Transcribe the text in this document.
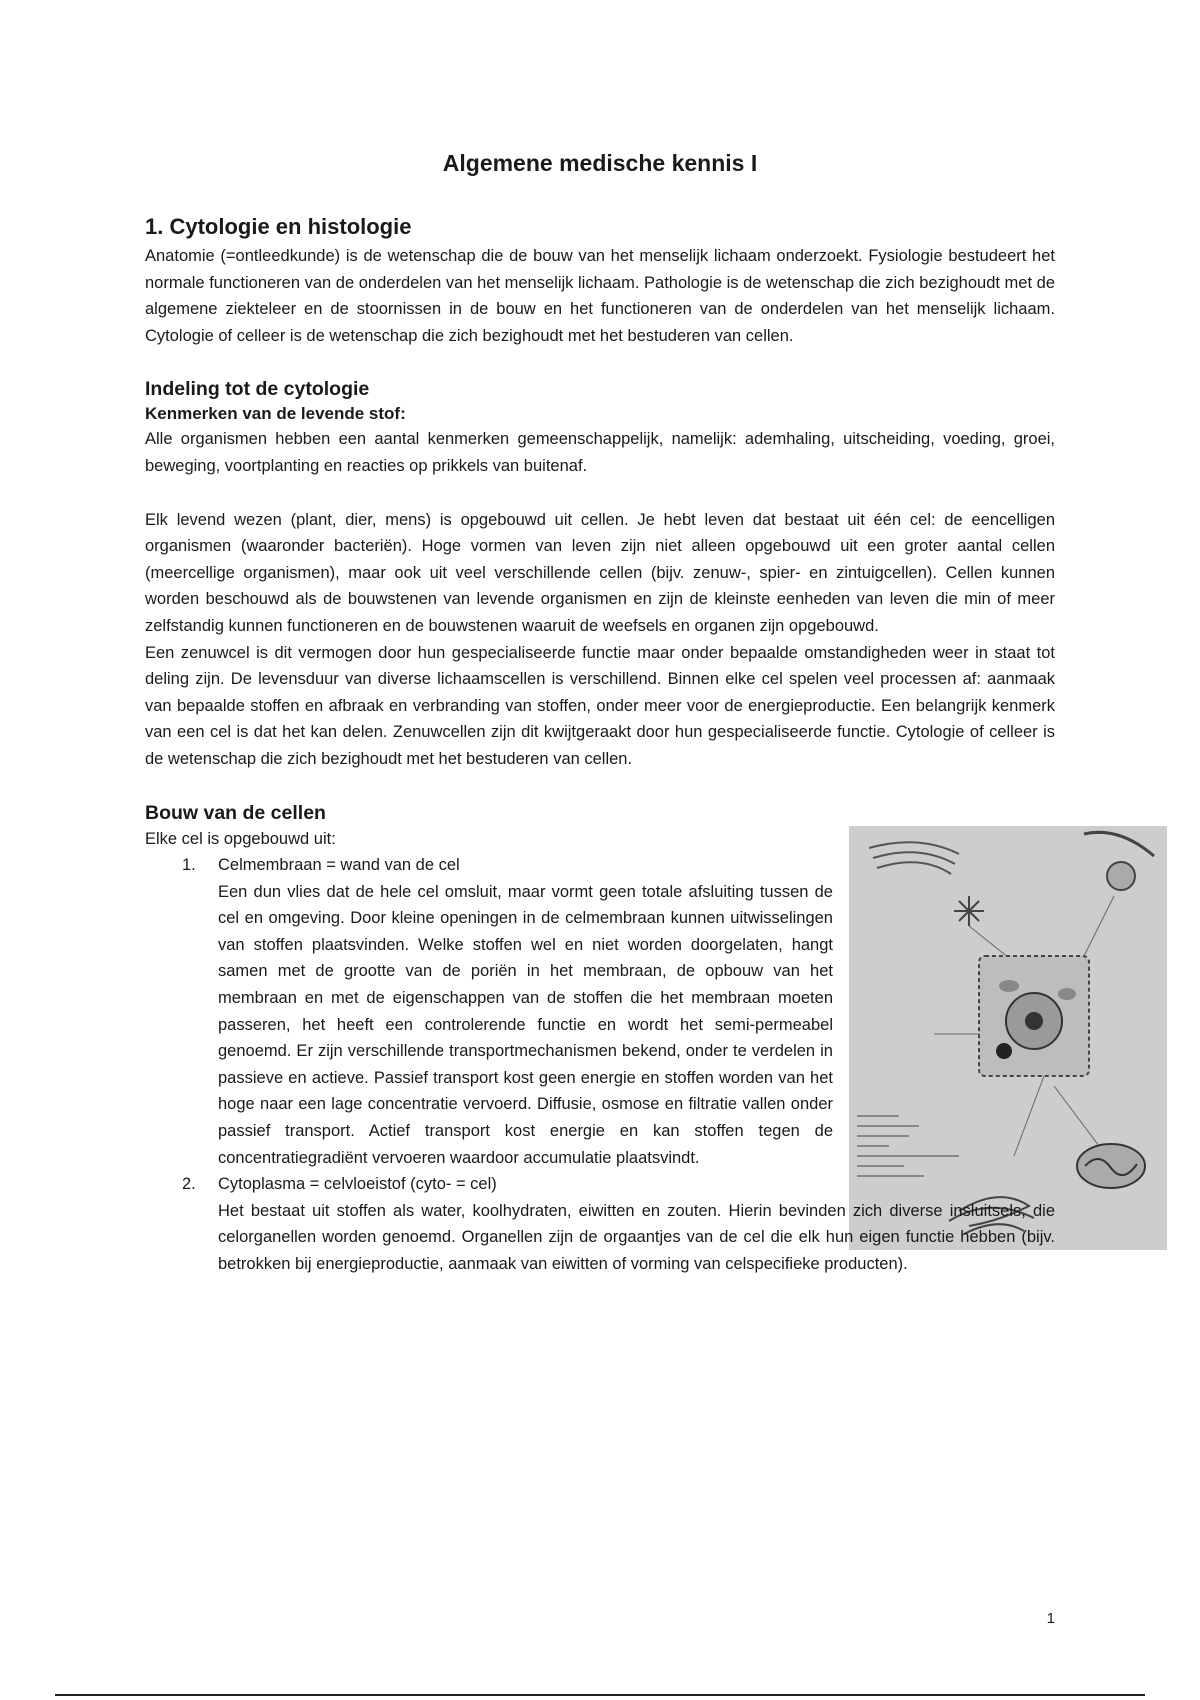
Algemene medische kennis I
1. Cytologie en histologie

Anatomie (=ontleedkunde) is de wetenschap die de bouw van het menselijk lichaam onderzoekt. Fysiologie bestudeert het normale functioneren van de onderdelen van het menselijk lichaam. Pathologie is de wetenschap die zich bezighoudt met de algemene ziekteleer en de stoornissen in de bouw en het functioneren van de onderdelen van het menselijk lichaam. Cytologie of celleer is de wetenschap die zich bezighoudt met het bestuderen van cellen.

Indeling tot de cytologie
Kenmerken van de levende stof:

Alle organismen hebben een aantal kenmerken gemeenschappelijk, namelijk: ademhaling, uitscheiding, voeding, groei, beweging, voortplanting en reacties op prikkels van buitenaf.

Elk levend wezen (plant, dier, mens) is opgebouwd uit cellen. Je hebt leven dat bestaat uit één cel: de eencelligen organismen (waaronder bacteriën). Hoge vormen van leven zijn niet alleen opgebouwd uit een groter aantal cellen (meercellige organismen), maar ook uit veel verschillende cellen (bijv. zenuw-, spier- en zintuigcellen). Cellen kunnen worden beschouwd als de bouwstenen van levende organismen en zijn de kleinste eenheden van leven die min of meer zelfstandig kunnen functioneren en de bouwstenen waaruit de weefsels en organen zijn opgebouwd.

Een zenuwcel is dit vermogen door hun gespecialiseerde functie maar onder bepaalde omstandigheden weer in staat tot deling zijn. De levensduur van diverse lichaamscellen is verschillend. Binnen elke cel spelen veel processen af: aanmaak van bepaalde stoffen en afbraak en verbranding van stoffen, onder meer voor de energieproductie. Een belangrijk kenmerk van een cel is dat het kan delen. Zenuwcellen zijn dit kwijtgeraakt door hun gespecialiseerde functie. Cytologie of celleer is de wetenschap die zich bezighoudt met het bestuderen van cellen.

Bouw van de cellen

Elke cel is opgebouwd uit:

1. Celmembraan = wand van de cel

Een dun vlies dat de hele cel omsluit, maar vormt geen totale afsluiting tussen de cel en omgeving. Door kleine openingen in de celmembraan kunnen uitwisselingen van stoffen plaatsvinden. Welke stoffen wel en niet worden doorgelaten, hangt samen met de grootte van de poriën in het membraan, de opbouw van het membraan en met de eigenschappen van de stoffen die het membraan moeten passeren, het heeft een controlerende functie en wordt het semi-permeabel genoemd. Er zijn verschillende transportmechanismen bekend, onder te verdelen in passieve en actieve. Passief transport kost geen energie en stoffen worden van het hoge naar een lage concentratie vervoerd. Diffusie, osmose en filtratie vallen onder passief transport. Actief transport kost energie en kan stoffen tegen de concentratiegradiënt vervoeren waardoor accumulatie plaatsvindt.

2. Cytoplasma = celvloeistof (cyto- = cel)

Het bestaat uit stoffen als water, koolhydraten, eiwitten en zouten. Hierin bevinden zich diverse insluitsels, die celorganellen worden genoemd. Organellen zijn de orgaantjes van de cel die elk hun eigen functie hebben (bijv. betrokken bij energieproductie, aanmaak van eiwitten of vorming van celspecifieke producten).

1
